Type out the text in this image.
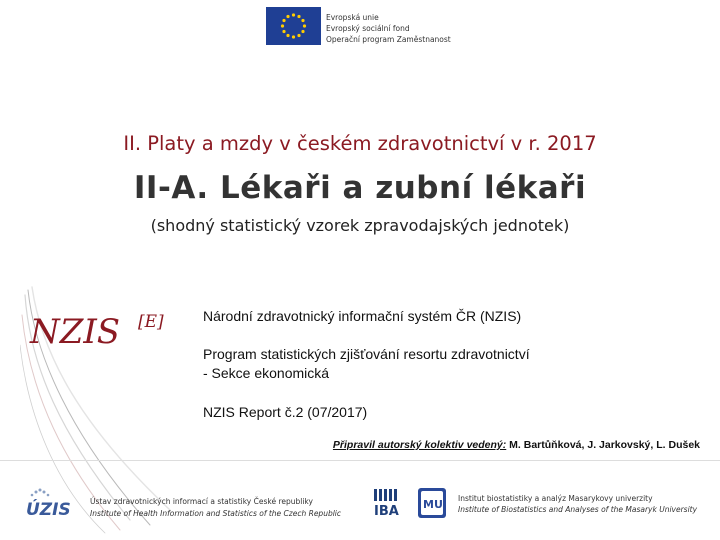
Evropská unie
Evropský sociální fond
Operační program Zaměstnanost
II. Platy a mzdy v českém zdravotnictví v r. 2017
II-A. Lékaři a zubní lékaři
(shodný statistický vzorek zpravodajských jednotek)
NZIS [E]	Národní zdravotnický informační systém ČR (NZIS)
Program statistických zjišťování resortu zdravotnictví
- Sekce ekonomická
NZIS Report č.2 (07/2017)
Připravil autorský kolektiv vedený: M. Bartůňková, J. Jarkovský, L. Dušek
ÚZIS	Ústav zdravotnických informací a statistiky České republiky
Institute of Health Information and Statistics of the Czech Republic	IBA MU Institut biostatistiky a analýz Masarykovy univerzity
Institute of Biostatistics and Analyses of the Masaryk University
